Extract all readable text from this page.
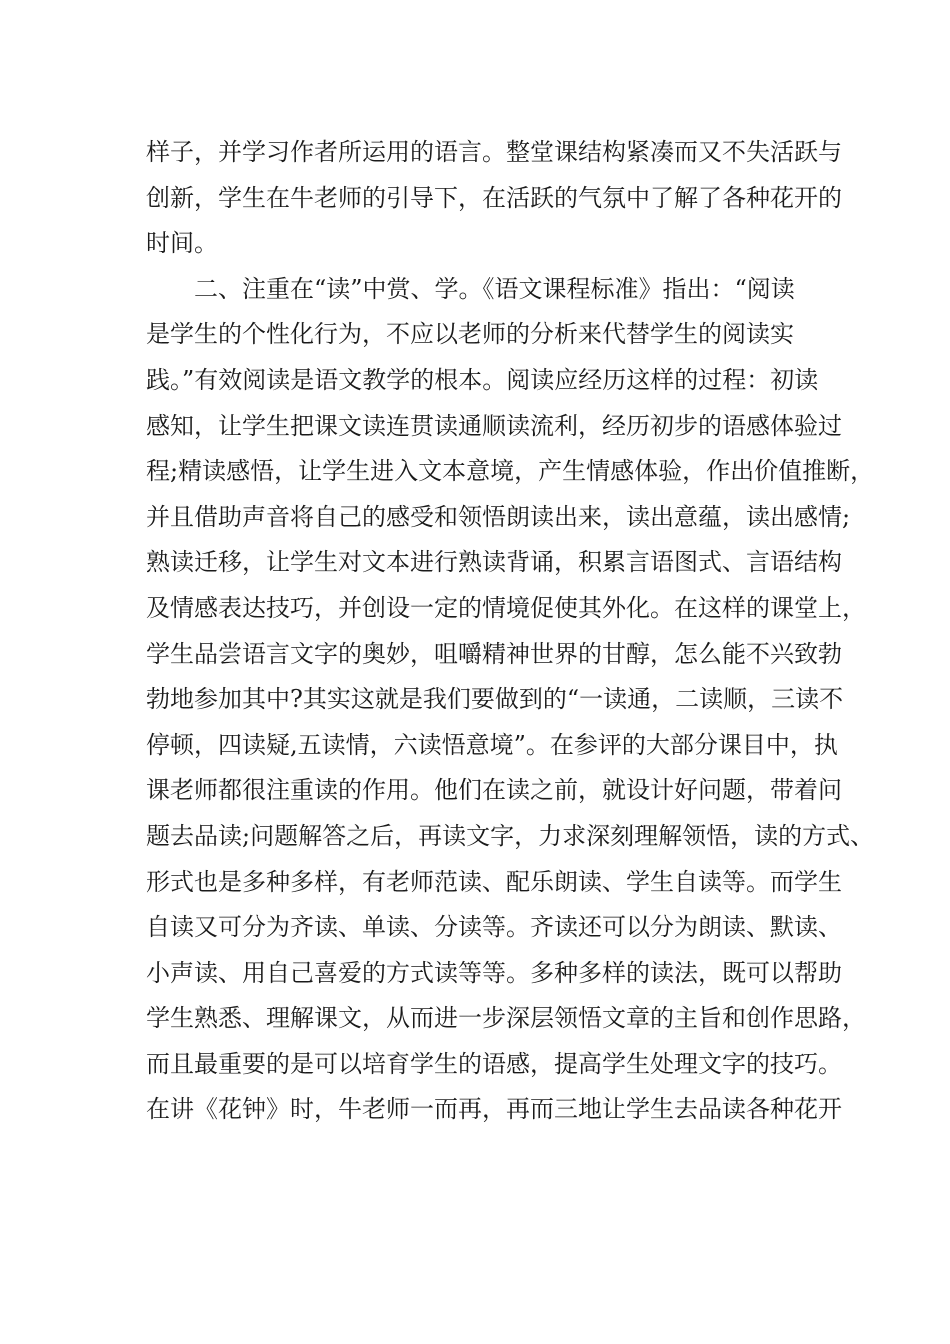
样子，并学习作者所运用的语言。整堂课结构紧凑而又不失活跃与
创新，学生在牛老师的引导下，在活跃的气氛中了解了各种花开的
时间。
二、注重在“读”中赏、学。《语文课程标准》指出：“阅读
是学生的个性化行为，不应以老师的分析来代替学生的阅读实
践。”有效阅读是语文教学的根本。阅读应经历这样的过程：初读
感知，让学生把课文读连贯读通顺读流利，经历初步的语感体验过
程;精读感悟，让学生进入文本意境，产生情感体验，作出价值推断，
并且借助声音将自己的感受和领悟朗读出来，读出意蕴，读出感情;
熟读迁移，让学生对文本进行熟读背诵，积累言语图式、言语结构
及情感表达技巧，并创设一定的情境促使其外化。在这样的课堂上，
学生品尝语言文字的奥妙，咀嚼精神世界的甘醇，怎么能不兴致勃
勃地参加其中?其实这就是我们要做到的“一读通，二读顺，三读不
停顿，四读疑,五读情，六读悟意境”。在参评的大部分课目中，执
课老师都很注重读的作用。他们在读之前，就设计好问题，带着问
题去品读;问题解答之后，再读文字，力求深刻理解领悟，读的方式、
形式也是多种多样，有老师范读、配乐朗读、学生自读等。而学生
自读又可分为齐读、单读、分读等。齐读还可以分为朗读、默读、
小声读、用自己喜爱的方式读等等。多种多样的读法，既可以帮助
学生熟悉、理解课文，从而进一步深层领悟文章的主旨和创作思路，
而且最重要的是可以培育学生的语感，提高学生处理文字的技巧。
在讲《花钟》时，牛老师一而再，再而三地让学生去品读各种花开
